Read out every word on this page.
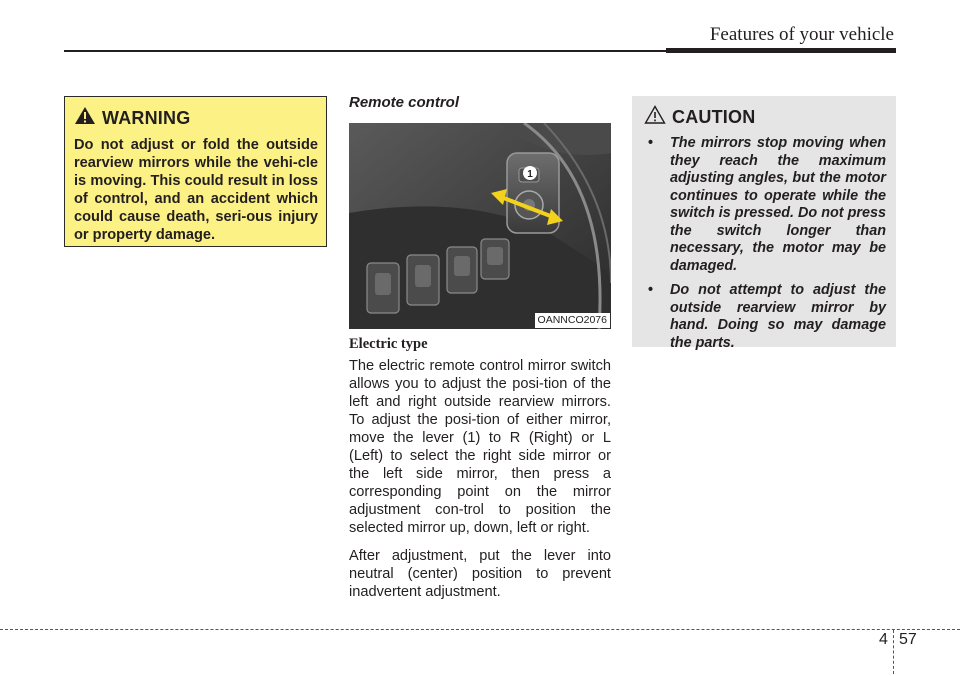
Features of your vehicle
WARNING
Do not adjust or fold the outside rearview mirrors while the vehi-cle is moving. This could result in loss of control, and an accident which could cause death, seri-ous injury or property damage.
Remote control
1
OANNCO2076
Electric type

The electric remote control mirror switch allows you to adjust the posi-tion of the left and right outside rearview mirrors. To adjust the posi-tion of either mirror, move the lever (1) to R (Right) or L (Left) to select the right side mirror or the left side mirror, then press a corresponding point on the mirror adjustment con-trol to position the selected mirror up, down, left or right.

After adjustment, put the lever into neutral (center) position to prevent inadvertent adjustment.

CAUTION
• The mirrors stop moving when they reach the maximum adjusting angles, but the motor continues to operate while the switch is pressed. Do not press the switch longer than necessary, the motor may be damaged.
• Do not attempt to adjust the outside rearview mirror by hand. Doing so may damage the parts.
4 57
